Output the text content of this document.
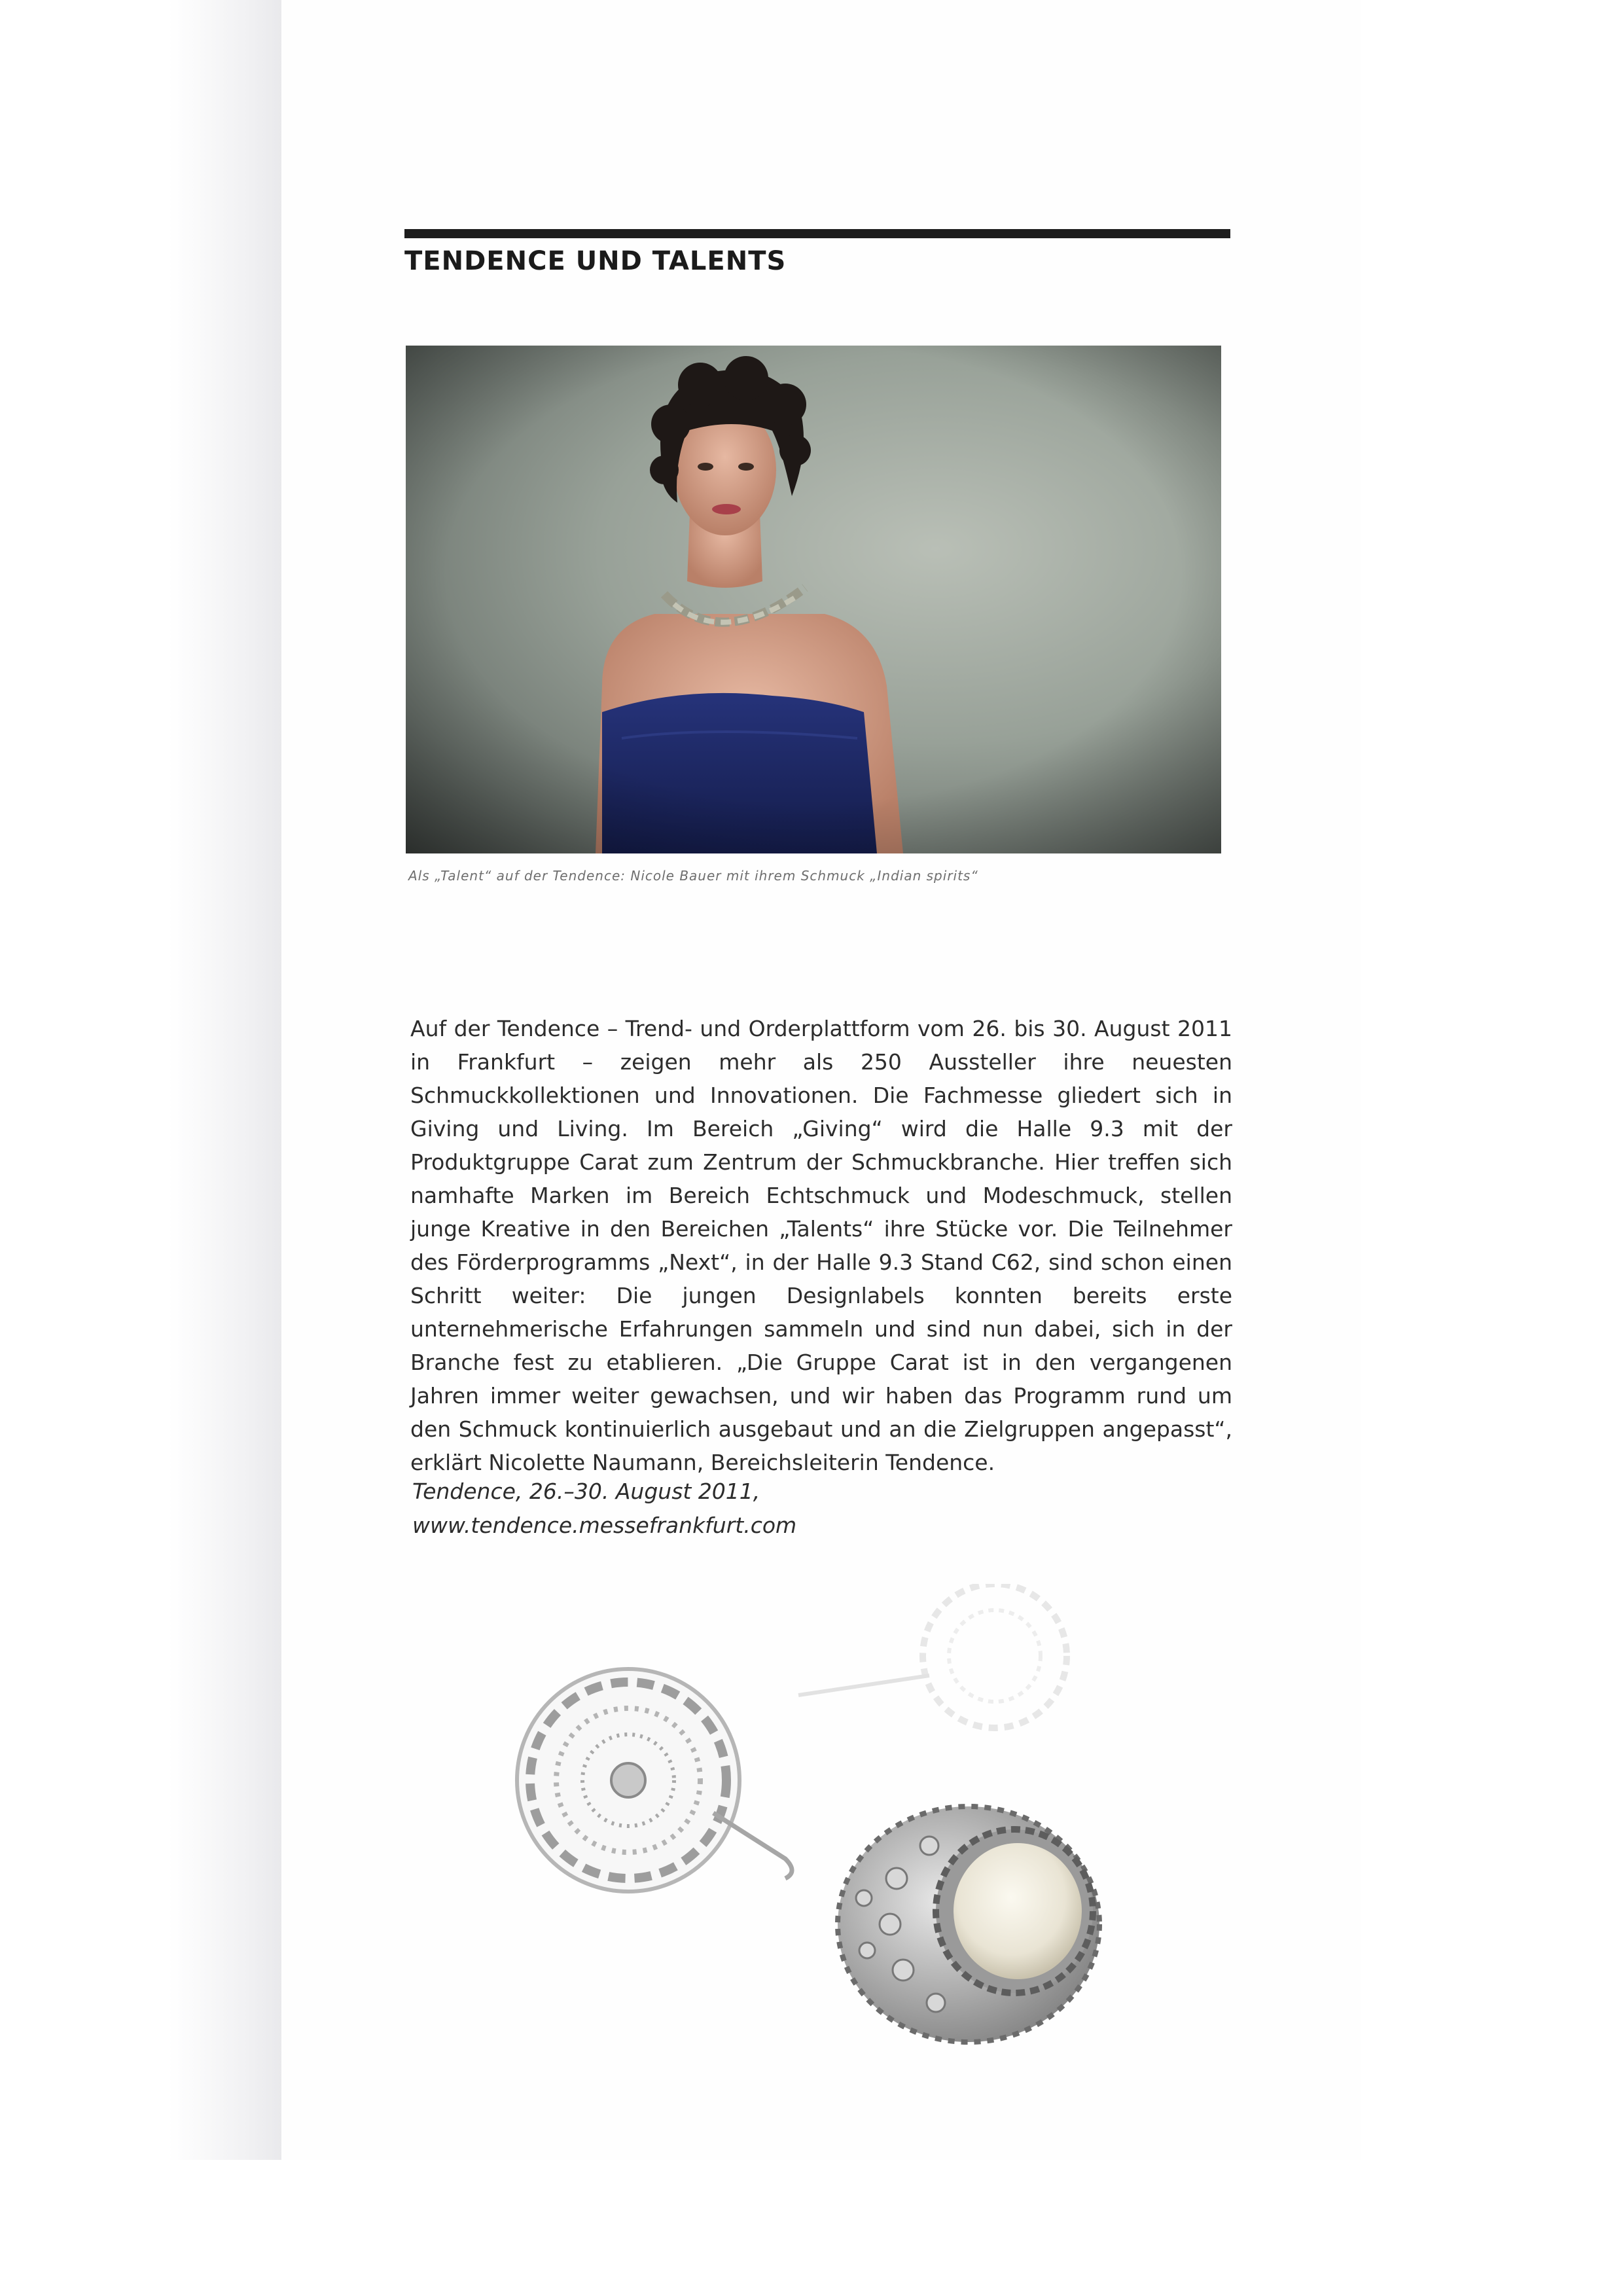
TENDENCE UND TALENTS

Als „Talent“ auf der Tendence: Nicole Bauer mit ihrem Schmuck „Indian spirits“

Auf der Tendence – Trend- und Orderplattform vom 26. bis 30. August 2011 in Frankfurt – zeigen mehr als 250 Aussteller ihre neuesten Schmuckkollektionen und Innovationen. Die Fachmesse gliedert sich in Giving und Living. Im Bereich „Giving“ wird die Halle 9.3 mit der Produktgruppe Carat zum Zentrum der Schmuckbranche. Hier treffen sich namhafte Marken im Bereich Echtschmuck und Modeschmuck, stellen junge Kreative in den Bereichen „Talents“ ihre Stücke vor. Die Teilnehmer des Förderprogramms „Next“, in der Halle 9.3 Stand C62, sind schon einen Schritt weiter: Die jungen Designlabels konnten bereits erste unternehmerische Erfahrungen sammeln und sind nun dabei, sich in der Branche fest zu etablieren. „Die Gruppe Carat ist in den vergangenen Jahren immer weiter gewachsen, und wir haben das Programm rund um den Schmuck kontinuierlich ausgebaut und an die Zielgruppen angepasst“, erklärt Nicolette Naumann, Bereichsleiterin Tendence.

Tendence, 26.–30. August 2011,
www.tendence.messefrankfurt.com
